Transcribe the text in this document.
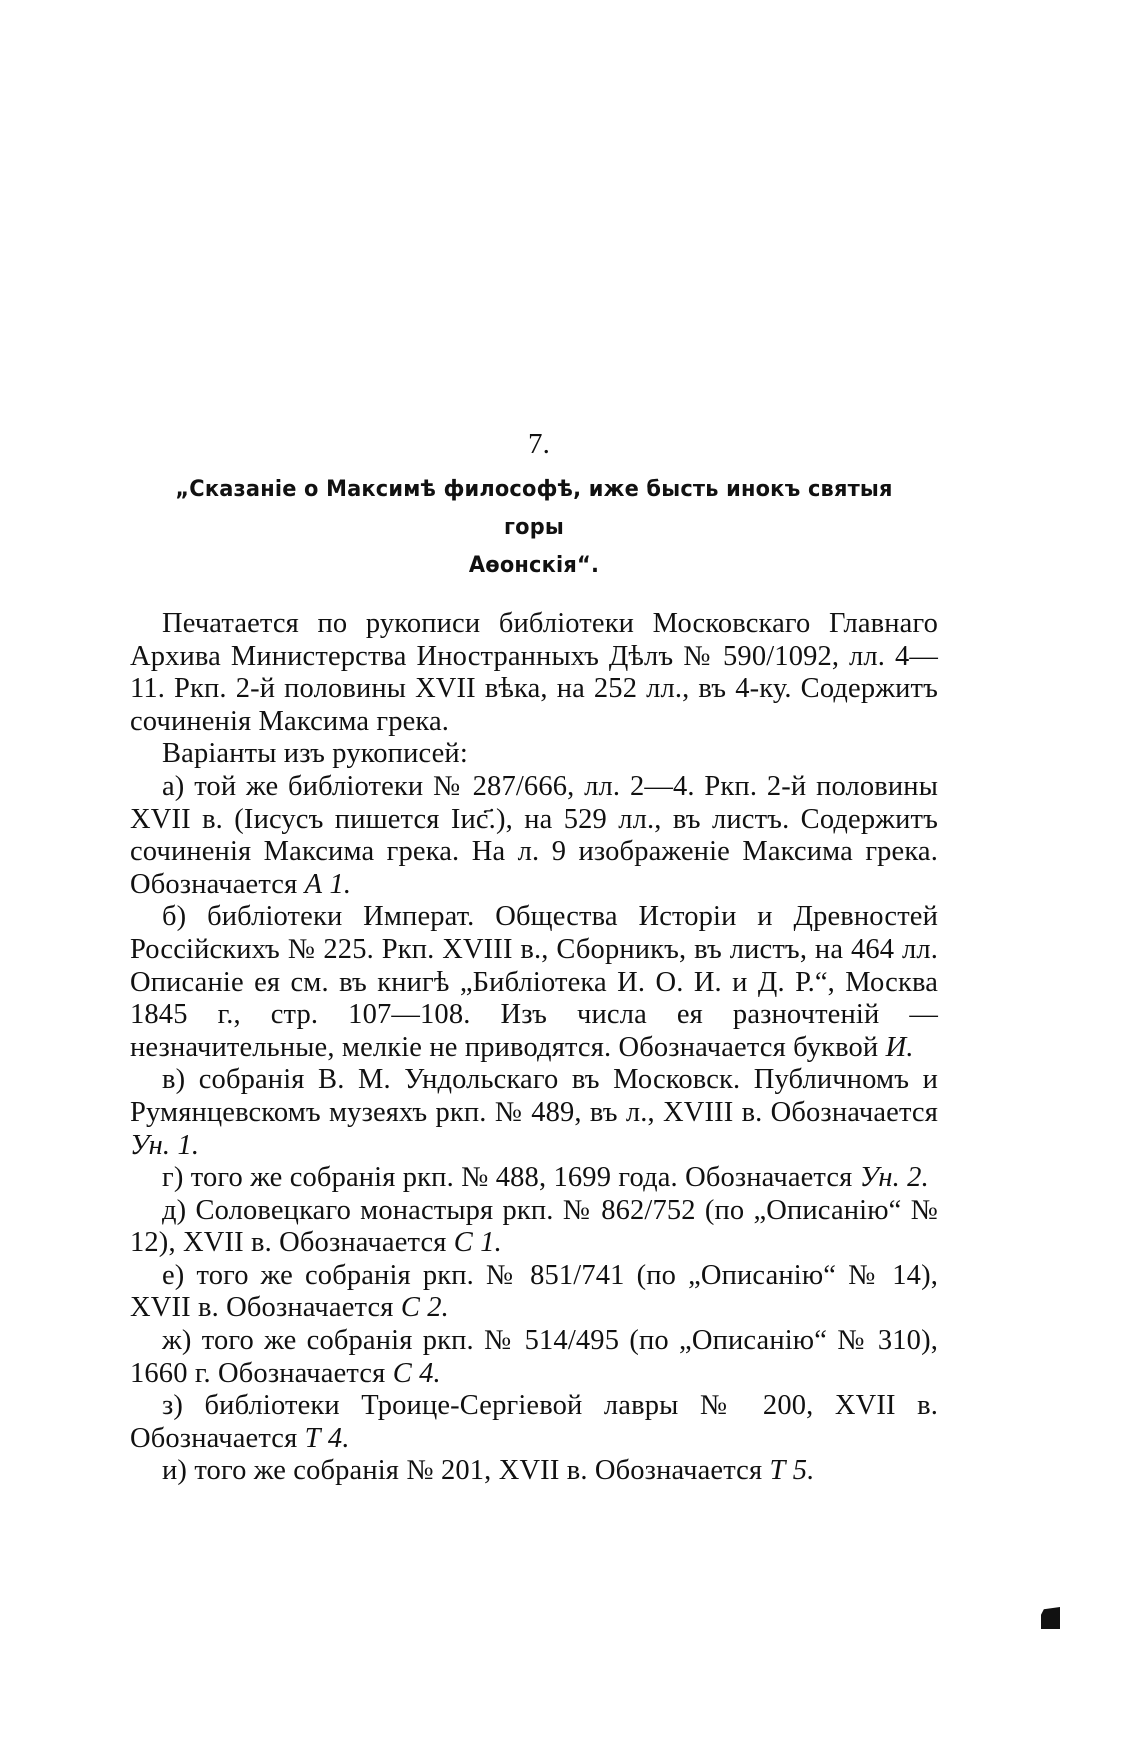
7.
„Сказаніе о Максимѣ философѣ, иже бысть инокъ святыя горы
Аѳонскія“.

Печатается по рукописи библіотеки Московскаго Главнаго Архива Министерства Иностранныхъ Дѣлъ № 590/1092, лл. 4—11. Ркп. 2-й половины XVII вѣка, на 252 лл., въ 4-ку. Содержитъ сочиненія Максима грека.

Варіанты изъ рукописей:

а) той же библіотеки № 287/666, лл. 2—4. Ркп. 2-й половины XVII в. (Іисусъ пишется Іис҃.), на 529 лл., въ листъ. Содержитъ сочиненія Максима грека. На л. 9 изображеніе Максима грека. Обозначается А 1.

б) библіотеки Императ. Общества Исторіи и Древностей Россійскихъ № 225. Ркп. XVIII в., Сборникъ, въ листъ, на 464 лл. Описаніе ея см. въ книгѣ „Библіотека И. О. И. и Д. Р.“, Москва 1845 г., стр. 107—108. Изъ числа ея разночтеній — незначительные, мелкіе не приводятся. Обозначается буквой И.

в) собранія В. М. Ундольскаго въ Московск. Публичномъ и Румянцевскомъ музеяхъ ркп. № 489, въ л., XVIII в. Обозначается Ун. 1.

г) того же собранія ркп. № 488, 1699 года. Обозначается Ун. 2.

д) Соловецкаго монастыря ркп. № 862/752 (по „Описанію“ № 12), XVII в. Обозначается С 1.

е) того же собранія ркп. № 851/741 (по „Описанію“ № 14), XVII в. Обозначается С 2.

ж) того же собранія ркп. № 514/495 (по „Описанію“ № 310), 1660 г. Обозначается С 4.

з) библіотеки Троице-Сергіевой лавры № 200, XVII в. Обозначается Т 4.

и) того же собранія № 201, XVII в. Обозначается Т 5.
